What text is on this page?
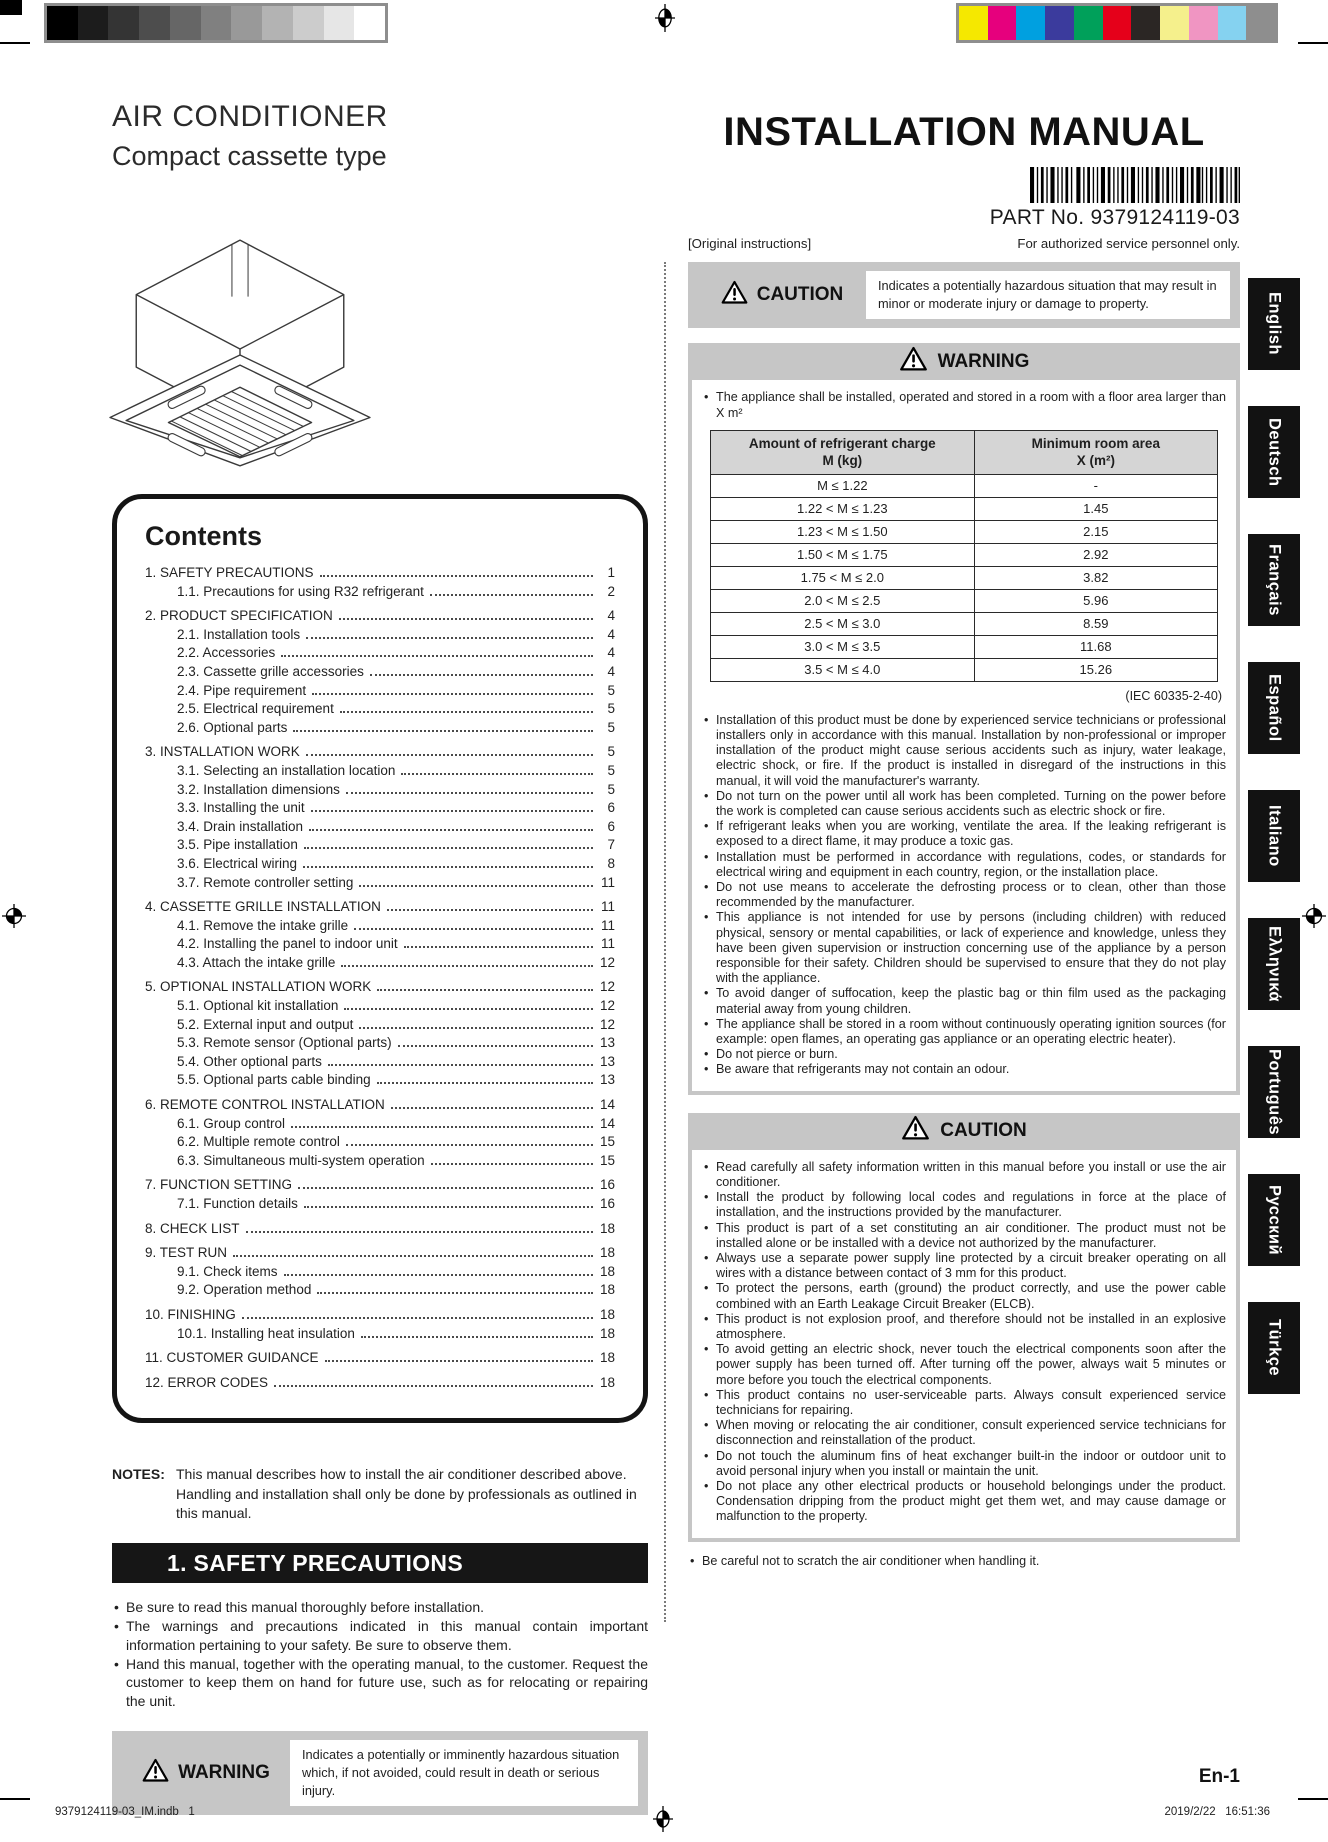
English
Deutsch
Français
Español
Italiano
Ελληνικά
Português
Русский
Türkçe
AIR CONDITIONER
Compact cassette type
Contents
1. SAFETY PRECAUTIONS	1
1.1. Precautions for using R32 refrigerant	2
2. PRODUCT SPECIFICATION	4
2.1. Installation tools	4
2.2. Accessories	4
2.3. Cassette grille accessories	4
2.4. Pipe requirement	5
2.5. Electrical requirement	5
2.6. Optional parts	5
3. INSTALLATION WORK	5
3.1. Selecting an installation location	5
3.2. Installation dimensions	5
3.3. Installing the unit	6
3.4. Drain installation	6
3.5. Pipe installation	7
3.6. Electrical wiring	8
3.7. Remote controller setting	11
4. CASSETTE GRILLE INSTALLATION	11
4.1. Remove the intake grille	11
4.2. Installing the panel to indoor unit	11
4.3. Attach the intake grille	12
5. OPTIONAL INSTALLATION WORK	12
5.1. Optional kit installation	12
5.2. External input and output	12
5.3. Remote sensor (Optional parts)	13
5.4. Other optional parts	13
5.5. Optional parts cable binding	13
6. REMOTE CONTROL INSTALLATION	14
6.1. Group control	14
6.2. Multiple remote control	15
6.3. Simultaneous multi-system operation	15
7. FUNCTION SETTING	16
7.1. Function details	16
8. CHECK LIST	18
9. TEST RUN	18
9.1. Check items	18
9.2. Operation method	18
10. FINISHING	18
10.1. Installing heat insulation	18
11. CUSTOMER GUIDANCE	18
12. ERROR CODES	18

NOTES: This manual describes how to install the air conditioner described above. Handling and installation shall only be done by professionals as outlined in this manual.

1. SAFETY PRECAUTIONS
• Be sure to read this manual thoroughly before installation.
• The warnings and precautions indicated in this manual contain important information pertaining to your safety. Be sure to observe them.
• Hand this manual, together with the operating manual, to the customer. Request the customer to keep them on hand for future use, such as for relocating or repairing the unit.
WARNING
Indicates a potentially or imminently hazardous situation which, if not avoided, could result in death or serious injury.
INSTALLATION MANUAL
PART No. 9379124119-03
[Original instructions]	For authorized service personnel only.
CAUTION	Indicates a potentially hazardous situation that may result in minor or moderate injury or damage to property.
WARNING
• The appliance shall be installed, operated and stored in a room with a floor area larger than X m²
Amount of refrigerant charge
M (kg)

Minimum room area
X (m²)

M ≤ 1.22	-
1.22 < M ≤ 1.23	1.45
1.23 < M ≤ 1.50	2.15
1.50 < M ≤ 1.75	2.92
1.75 < M ≤ 2.0	3.82
2.0 < M ≤ 2.5	5.96
2.5 < M ≤ 3.0	8.59
3.0 < M ≤ 3.5	11.68
3.5 < M ≤ 4.0	15.26
(IEC 60335-2-40)
• Installation of this product must be done by experienced service technicians or professional installers only in accordance with this manual. Installation by non-professional or improper installation of the product might cause serious accidents such as injury, water leakage, electric shock, or fire. If the product is installed in disregard of the instructions in this manual, it will void the manufacturer's warranty.
• Do not turn on the power until all work has been completed. Turning on the power before the work is completed can cause serious accidents such as electric shock or fire.
• If refrigerant leaks when you are working, ventilate the area. If the leaking refrigerant is exposed to a direct flame, it may produce a toxic gas.
• Installation must be performed in accordance with regulations, codes, or standards for electrical wiring and equipment in each country, region, or the installation place.
• Do not use means to accelerate the defrosting process or to clean, other than those recommended by the manufacturer.
• This appliance is not intended for use by persons (including children) with reduced physical, sensory or mental capabilities, or lack of experience and knowledge, unless they have been given supervision or instruction concerning use of the appliance by a person responsible for their safety. Children should be supervised to ensure that they do not play with the appliance.
• To avoid danger of suffocation, keep the plastic bag or thin film used as the packaging material away from young children.
• The appliance shall be stored in a room without continuously operating ignition sources (for example: open flames, an operating gas appliance or an operating electric heater).
• Do not pierce or burn.
• Be aware that refrigerants may not contain an odour.
CAUTION
• Read carefully all safety information written in this manual before you install or use the air conditioner.
• Install the product by following local codes and regulations in force at the place of installation, and the instructions provided by the manufacturer.
• This product is part of a set constituting an air conditioner. The product must not be installed alone or be installed with a device not authorized by the manufacturer.
• Always use a separate power supply line protected by a circuit breaker operating on all wires with a distance between contact of 3 mm for this product.
• To protect the persons, earth (ground) the product correctly, and use the power cable combined with an Earth Leakage Circuit Breaker (ELCB).
• This product is not explosion proof, and therefore should not be installed in an explosive atmosphere.
• To avoid getting an electric shock, never touch the electrical components soon after the power supply has been turned off. After turning off the power, always wait 5 minutes or more before you touch the electrical components.
• This product contains no user-serviceable parts. Always consult experienced service technicians for repairing.
• When moving or relocating the air conditioner, consult experienced service technicians for disconnection and reinstallation of the product.
• Do not touch the aluminum fins of heat exchanger built-in the indoor or outdoor unit to avoid personal injury when you install or maintain the unit.
• Do not place any other electrical products or household belongings under the product. Condensation dripping from the product might get them wet, and may cause damage or malfunction to the property.
• Be careful not to scratch the air conditioner when handling it.
En-1
9379124119-03_IM.indb   1	2019/2/22   16:51:36
